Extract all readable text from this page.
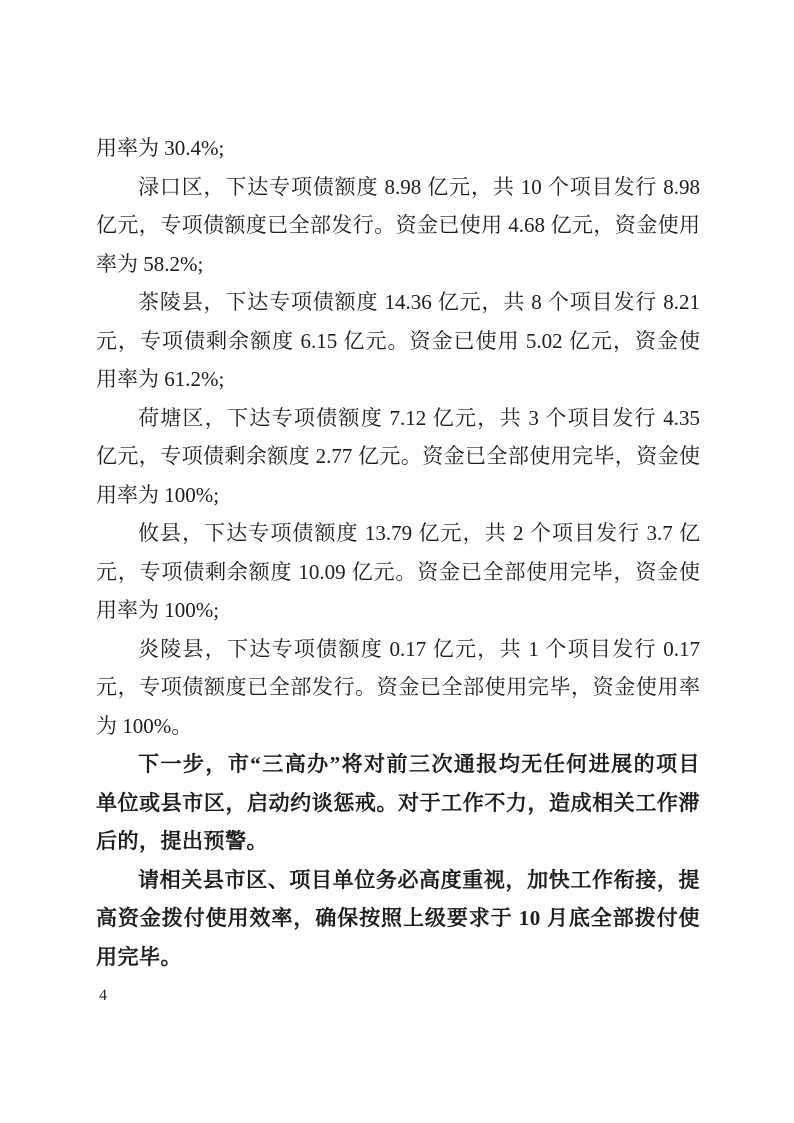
用率为 30.4%;
渌口区，下达专项债额度 8.98 亿元，共 10 个项目发行 8.98
亿元，专项债额度已全部发行。资金已使用 4.68 亿元，资金使用
率为 58.2%;
茶陵县，下达专项债额度 14.36 亿元，共 8 个项目发行 8.21
元，专项债剩余额度 6.15 亿元。资金已使用 5.02 亿元，资金使
用率为 61.2%;
荷塘区，下达专项债额度 7.12 亿元，共 3 个项目发行 4.35
亿元，专项债剩余额度 2.77 亿元。资金已全部使用完毕，资金使
用率为 100%;
攸县，下达专项债额度 13.79 亿元，共 2 个项目发行 3.7 亿
元，专项债剩余额度 10.09 亿元。资金已全部使用完毕，资金使
用率为 100%;
炎陵县，下达专项债额度 0.17 亿元，共 1 个项目发行 0.17
元，专项债额度已全部发行。资金已全部使用完毕，资金使用率
为 100%。
下一步，市“三高办”将对前三次通报均无任何进展的项目
单位或县市区，启动约谈惩戒。对于工作不力，造成相关工作滞
后的，提出预警。
请相关县市区、项目单位务必高度重视，加快工作衔接，提
高资金拨付使用效率，确保按照上级要求于 10 月底全部拨付使
用完毕。
4
